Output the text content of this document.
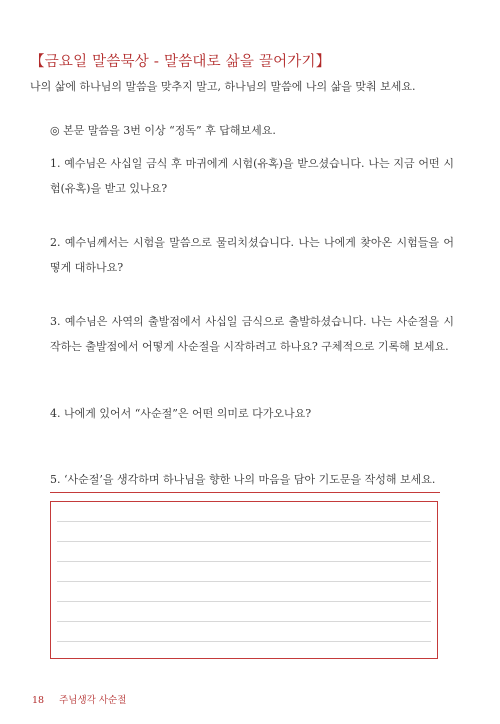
【금요일 말씀묵상 - 말씀대로 삶을 끌어가기】
나의 삶에 하나님의 말씀을 맞추지 말고, 하나님의 말씀에 나의 삶을 맞춰 보세요.
◎ 본문 말씀을 3번 이상 “정독” 후 답해보세요.
1. 예수님은 사십일 금식 후 마귀에게 시험(유혹)을 받으셨습니다. 나는 지금 어떤 시험(유혹)을 받고 있나요?
2. 예수님께서는 시험을 말씀으로 물리치셨습니다. 나는 나에게 찾아온 시험들을 어떻게 대하나요?
3. 예수님은 사역의 출발점에서 사십일 금식으로 출발하셨습니다. 나는 사순절을 시작하는 출발점에서 어떻게 사순절을 시작하려고 하나요? 구체적으로 기록해 보세요.
4. 나에게 있어서 “사순절”은 어떤 의미로 다가오나요?
5. ‘사순절’을 생각하며 하나님을 향한 나의 마음을 담아 기도문을 작성해 보세요.
18 주님생각 사순절
